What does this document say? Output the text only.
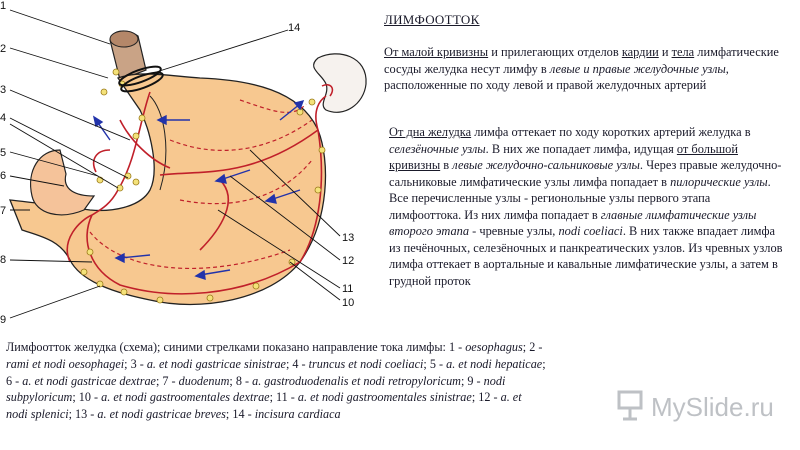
1
2
3
4
5
6
7
8
9
14
13
12
11
10
ЛИМФООТТОК
От малой кривизны и прилегающих отделов кардии и тела лимфатические сосуды желудка несут лимфу в левые и правые желудочные узлы, расположенные по ходу левой и правой желудочных артерий
От дна желудка лимфа оттекает по ходу коротких артерий желудка в селезёночные узлы. В них же попадает лимфа, идущая от большой кривизны в левые желудочно-сальниковые узлы. Через правые желудочно-сальниковые лимфатические узлы лимфа попадает в пилорические узлы. Все перечисленные узлы - регионольные узлы первого этапа лимфооттока. Из них лимфа попадает в главные лимфатические узлы второго этапа - чревные узлы, nodi coeliaci. В них также впадает лимфа из печёночных, селезёночных и панкреатических узлов. Из чревных узлов лимфа оттекает в аортальные и кавальные лимфатические узлы, а затем в грудной проток
Лимфоотток желудка (схема); синими стрелками показано направление тока лимфы: 1 - oesophagus; 2 - rami et nodi oesophagei; 3 - a. et nodi gastricae sinistrae; 4 - truncus et nodi coeliaci; 5 - a. et nodi hepaticae; 6 - a. et nodi gastricae dextrae; 7 - duodenum; 8 - a. gastroduodenalis et nodi retropyloricum; 9 - nodi subpyloricum; 10 - a. et nodi gastroomentales dextrae; 11 - a. et nodi gastroomentales sinistrae; 12 - a. et nodi splenici; 13 - a. et nodi gastricae breves; 14 - incisura cardiaca	MySlide.ru
